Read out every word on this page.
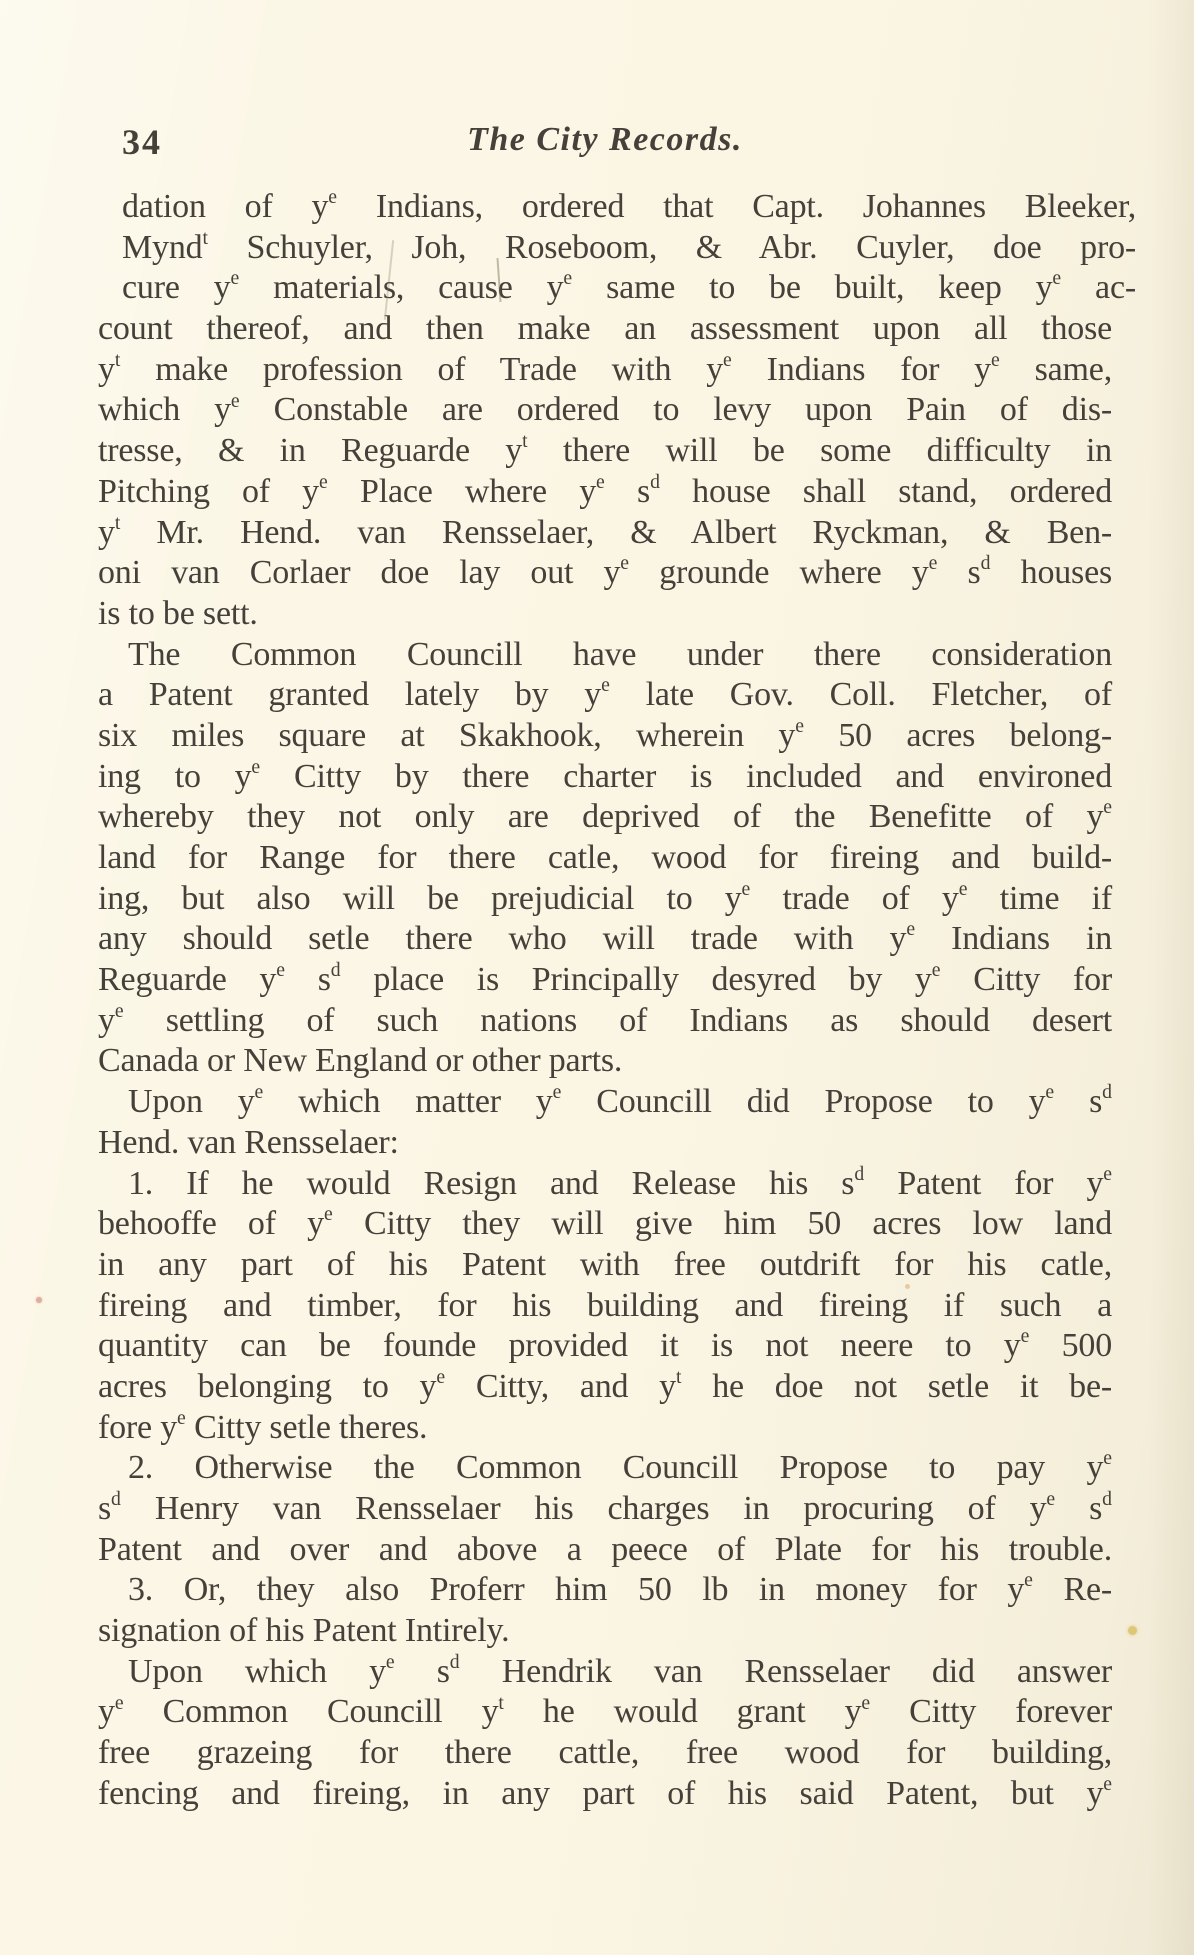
34	The City Records.
dation of $y^e$ Indians, ordered that Capt. Johannes Bleeker,
Mynd$^t$ Schuyler, Joh, Roseboom, & Abr. Cuyler, doe pro-
cure $y^e$ materials, cause $y^e$ same to be built, keep $y^e$ ac-
count thereof, and then make an assessment upon all those
$y^t$ make profession of Trade with $y^e$ Indians for $y^e$ same,
which $y^e$ Constable are ordered to levy upon Pain of dis-
tresse, & in Reguarde $y^t$ there will be some difficulty in
Pitching of $y^e$ Place where $y^e$ $s^d$ house shall stand, ordered
$y^t$ Mr. Hend. van Rensselaer, & Albert Ryckman, & Ben-
oni van Corlaer doe lay out $y^e$ grounde where $y^e$ $s^d$ houses
is to be sett.
The Common Councill have under there consideration
a Patent granted lately by $y^e$ late Gov. Coll. Fletcher, of
six miles square at Skakhook, wherein $y^e$ 50 acres belong-
ing to $y^e$ Citty by there charter is included and environed
whereby they not only are deprived of the Benefitte of $y^e$
land for Range for there catle, wood for fireing and build-
ing, but also will be prejudicial to $y^e$ trade of $y^e$ time if
any should setle there who will trade with $y^e$ Indians in
Reguarde $y^e$ $s^d$ place is Principally desyred by $y^e$ Citty for
$y^e$ settling of such nations of Indians as should desert
Canada or New England or other parts.
Upon $y^e$ which matter $y^e$ Councill did Propose to $y^e$ $s^d$
Hend. van Rensselaer:
1. If he would Resign and Release his $s^d$ Patent for $y^e$
behooffe of $y^e$ Citty they will give him 50 acres low land
in any part of his Patent with free outdrift for his catle,
fireing and timber, for his building and fireing if such a
quantity can be founde provided it is not neere to $y^e$ 500
acres belonging to $y^e$ Citty, and $y^t$ he doe not setle it be-
fore $y^e$ Citty setle theres.
2. Otherwise the Common Councill Propose to pay $y^e$
$s^d$ Henry van Rensselaer his charges in procuring of $y^e$ $s^d$
Patent and over and above a peece of Plate for his trouble.
3. Or, they also Proferr him 50 lb in money for $y^e$ Re-
signation of his Patent Intirely.
Upon which $y^e$ $s^d$ Hendrik van Rensselaer did answer
$y^e$ Common Councill $y^t$ he would grant $y^e$ Citty forever
free grazeing for there cattle, free wood for building,
fencing and fireing, in any part of his said Patent, but $y^e$
